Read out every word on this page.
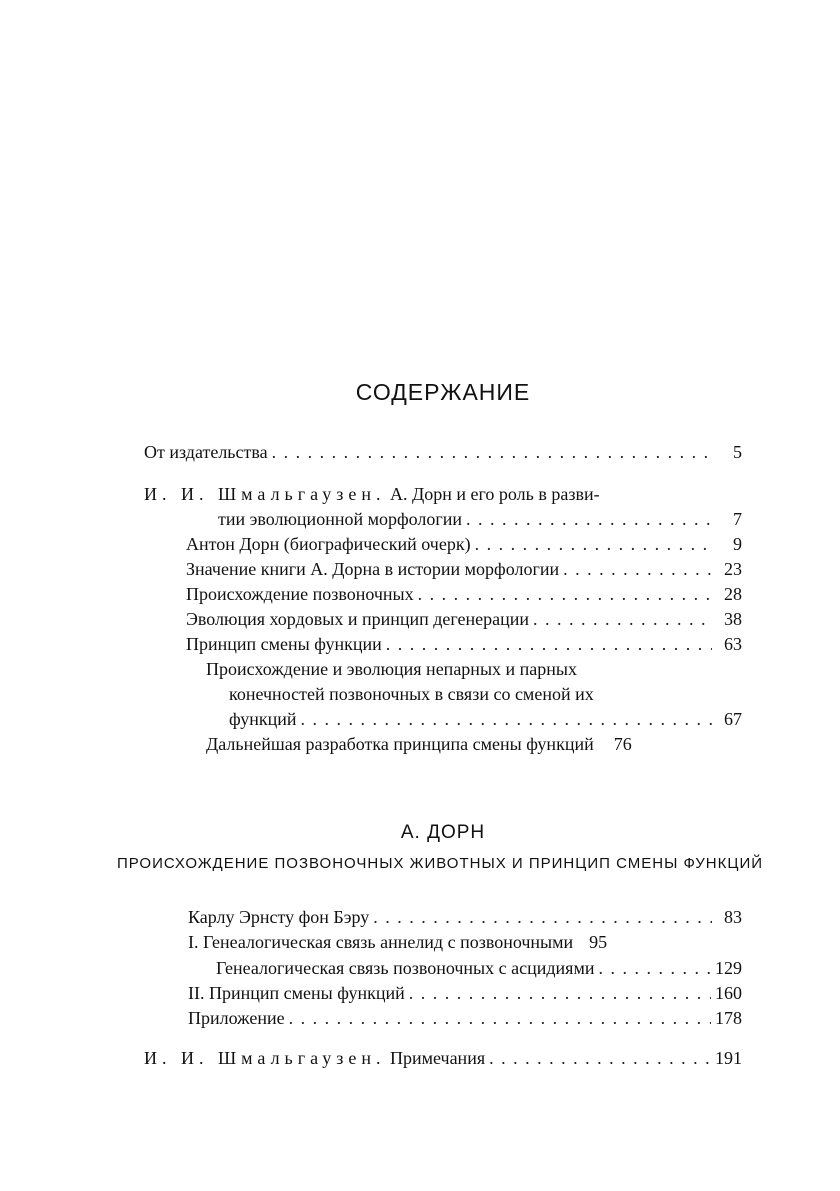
СОДЕРЖАНИЕ
От издательства . . .	5
И. И. Шмальгаузен. А. Дорн и его роль в разви-
тии эволюционной морфологии . . .	7
Антон Дорн (биографический очерк) . . .	9
Значение книги А. Дорна в истории морфологии . . .	23
Происхождение позвоночных . . .	28
Эволюция хордовых и принцип дегенерации . . .	38
Принцип смены функции . . .	63
Происхождение и эволюция непарных и парных
конечностей позвоночных в связи со сменой их
функций . . .	67
Дальнейшая разработка принципа смены функций	76
А. ДОРН
ПРОИСХОЖДЕНИЕ ПОЗВОНОЧНЫХ ЖИВОТНЫХ И ПРИНЦИП СМЕНЫ ФУНКЦИЙ
Карлу Эрнсту фон Бэру . . .	83
I. Генеалогическая связь аннелид с позвоночными 95
Генеалогическая связь позвоночных с асцидиями . . .	129
II. Принцип смены функций . . .	160
Приложение . . .	178
И. И. Шмальгаузен. Примечания . . .	191
